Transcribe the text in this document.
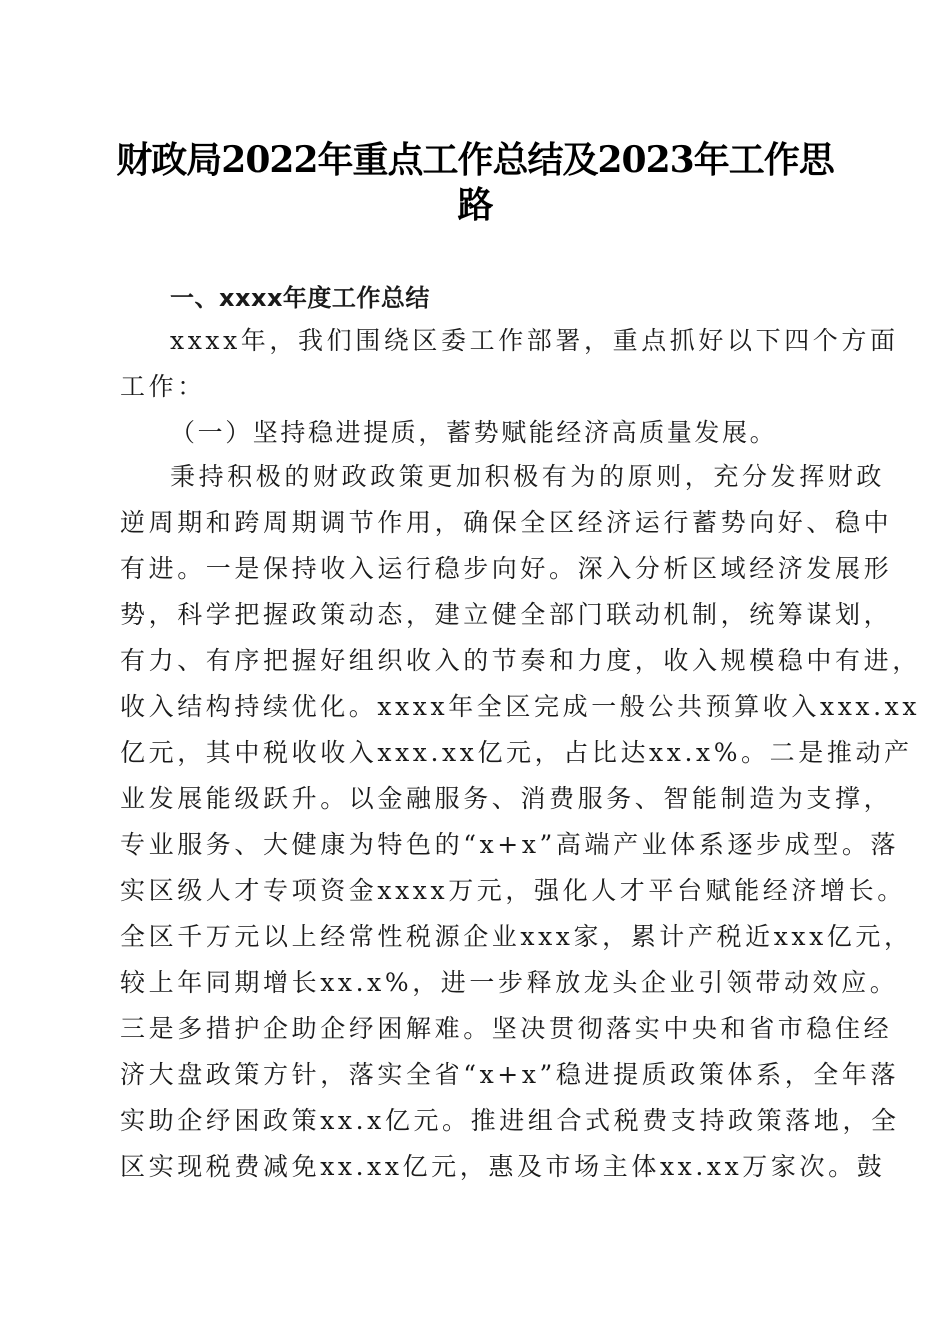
财政局2022年重点工作总结及2023年工作思
路
一、xxxx年度工作总结
xxxx年，我们围绕区委工作部署，重点抓好以下四个方面
工作：
（一）坚持稳进提质，蓄势赋能经济高质量发展。
秉持积极的财政政策更加积极有为的原则，充分发挥财政
逆周期和跨周期调节作用，确保全区经济运行蓄势向好、稳中
有进。一是保持收入运行稳步向好。深入分析区域经济发展形
势，科学把握政策动态，建立健全部门联动机制，统筹谋划，
有力、有序把握好组织收入的节奏和力度，收入规模稳中有进，
收入结构持续优化。xxxx年全区完成一般公共预算收入xxx.xx
亿元，其中税收收入xxx.xx亿元，占比达xx.x%。二是推动产
业发展能级跃升。以金融服务、消费服务、智能制造为支撑，
专业服务、大健康为特色的“x+x”高端产业体系逐步成型。落
实区级人才专项资金xxxx万元，强化人才平台赋能经济增长。
全区千万元以上经常性税源企业xxx家，累计产税近xxx亿元，
较上年同期增长xx.x%，进一步释放龙头企业引领带动效应。
三是多措护企助企纾困解难。坚决贯彻落实中央和省市稳住经
济大盘政策方针，落实全省“x+x”稳进提质政策体系，全年落
实助企纾困政策xx.x亿元。推进组合式税费支持政策落地，全
区实现税费减免xx.xx亿元，惠及市场主体xx.xx万家次。鼓
